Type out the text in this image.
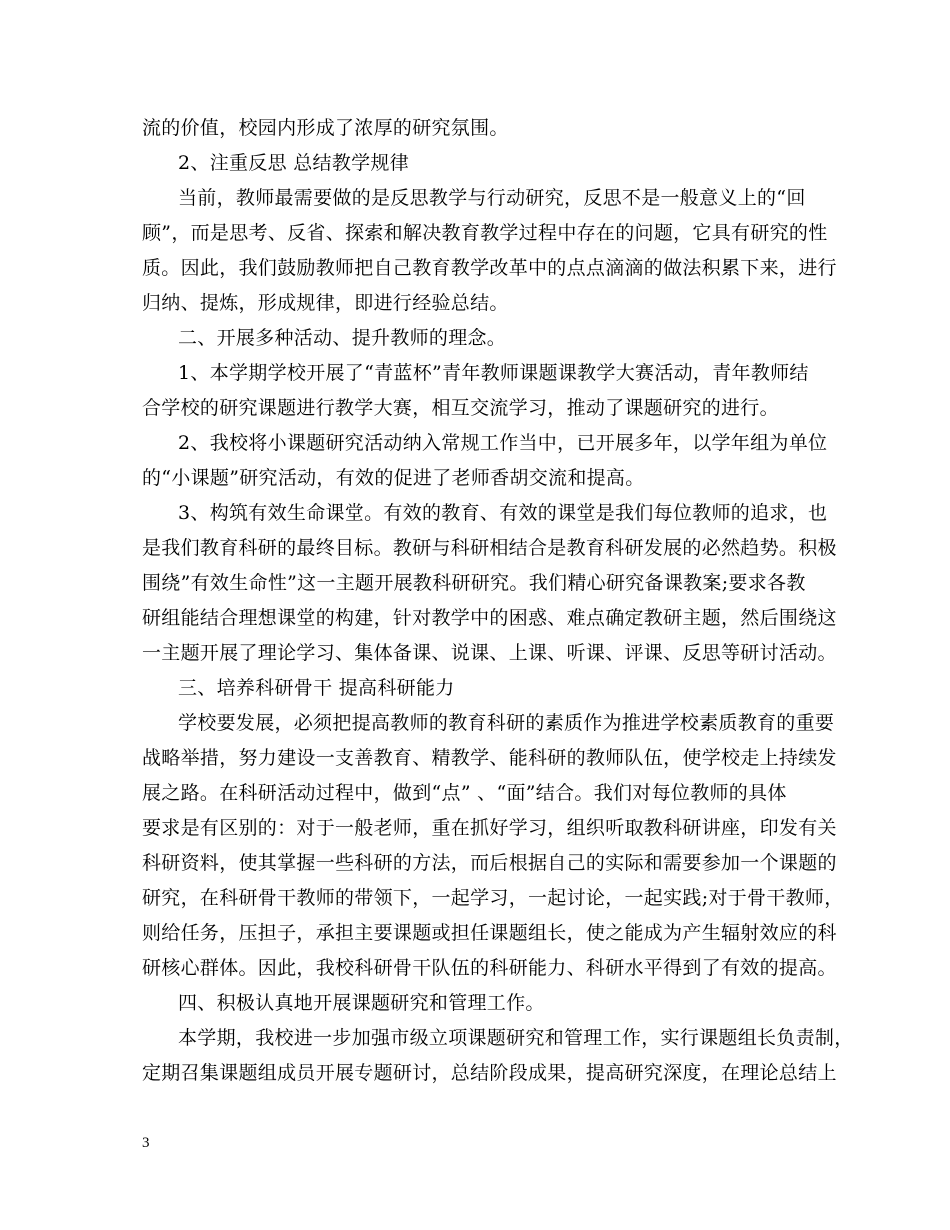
流的价值，校园内形成了浓厚的研究氛围。
2、注重反思 总结教学规律
当前，教师最需要做的是反思教学与行动研究，反思不是一般意义上的“回
顾”，而是思考、反省、探索和解决教育教学过程中存在的问题，它具有研究的性
质。因此，我们鼓励教师把自己教育教学改革中的点点滴滴的做法积累下来，进行
归纳、提炼，形成规律，即进行经验总结。
二、开展多种活动、提升教师的理念。
1、本学期学校开展了“青蓝杯”青年教师课题课教学大赛活动，青年教师结
合学校的研究课题进行教学大赛，相互交流学习，推动了课题研究的进行。
2、我校将小课题研究活动纳入常规工作当中，已开展多年，以学年组为单位
的“小课题”研究活动，有效的促进了老师香胡交流和提高。
3、构筑有效生命课堂。有效的教育、有效的课堂是我们每位教师的追求，也
是我们教育科研的最终目标。教研与科研相结合是教育科研发展的必然趋势。积极
围绕”有效生命性”这一主题开展教科研研究。我们精心研究备课教案;要求各教
研组能结合理想课堂的构建，针对教学中的困惑、难点确定教研主题，然后围绕这
一主题开展了理论学习、集体备课、说课、上课、听课、评课、反思等研讨活动。
三、培养科研骨干 提高科研能力
学校要发展，必须把提高教师的教育科研的素质作为推进学校素质教育的重要
战略举措，努力建设一支善教育、精教学、能科研的教师队伍，使学校走上持续发
展之路。在科研活动过程中，做到“点” 、“面”结合。我们对每位教师的具体
要求是有区别的：对于一般老师，重在抓好学习，组织听取教科研讲座，印发有关
科研资料，使其掌握一些科研的方法，而后根据自己的实际和需要参加一个课题的
研究，在科研骨干教师的带领下，一起学习，一起讨论，一起实践;对于骨干教师，
则给任务，压担子，承担主要课题或担任课题组长，使之能成为产生辐射效应的科
研核心群体。因此，我校科研骨干队伍的科研能力、科研水平得到了有效的提高。
四、积极认真地开展课题研究和管理工作。
本学期，我校进一步加强市级立项课题研究和管理工作，实行课题组长负责制，
定期召集课题组成员开展专题研讨，总结阶段成果，提高研究深度，在理论总结上
3
